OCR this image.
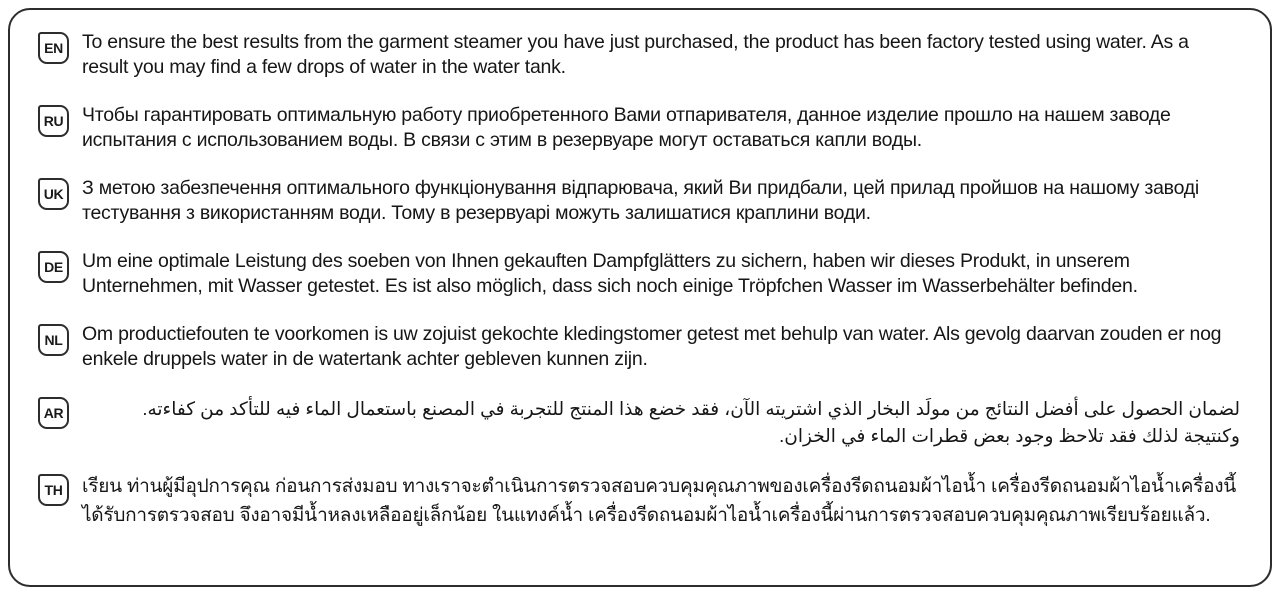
EN To ensure the best results from the garment steamer you have just purchased, the product has been factory tested using water. As a result you may find a few drops of water in the water tank.
RU Чтобы гарантировать оптимальную работу приобретенного Вами отпаривателя, данное изделие прошло на нашем заводе испытания с использованием воды. В связи с этим в резервуаре могут оставаться капли воды.
UK З метою забезпечення оптимального функціонування відпарювача, який Ви придбали, цей прилад пройшов на нашому заводі тестування з використанням води. Тому в резервуарі можуть залишатися краплини води.
DE Um eine optimale Leistung des soeben von Ihnen gekauften Dampfglätters zu sichern, haben wir dieses Produkt, in unserem Unternehmen, mit Wasser getestet. Es ist also möglich, dass sich noch einige Tröpfchen Wasser im Wasserbehälter befinden.
NL Om productiefouten te voorkomen is uw zojuist gekochte kledingstomer getest met behulp van water. Als gevolg daarvan zouden er nog enkele druppels water in de watertank achter gebleven kunnen zijn.
AR	لضمان الحصول على أفضل النتائج من مولَد البخار الذي اشتريته الآن، فقد خضع هذا المنتج للتجربة في المصنع باستعمال الماء فيه للتأكد من كفاءته. وكنتيجة لذلك فقد تلاحظ وجود بعض قطرات الماء في الخزان.
TH	เรียน ท่านผู้มีอุปการคุณ ก่อนการส่งมอบ ทางเราจะตำเนินการตรวจสอบควบคุมคุณภาพของเครื่องรีดถนอมผ้าไอน้ำ เครื่องรีดถนอมผ้าไอน้ำเครื่องนี้ได้รับการตรวจสอบ จึงอาจมีน้ำหลงเหลืออยู่เล็กน้อย ในแทงค์น้ำ เครื่องรีดถนอมผ้าไอน้ำเครื่องนี้ผ่านการตรวจสอบควบคุมคุณภาพเรียบร้อยแล้ว.
